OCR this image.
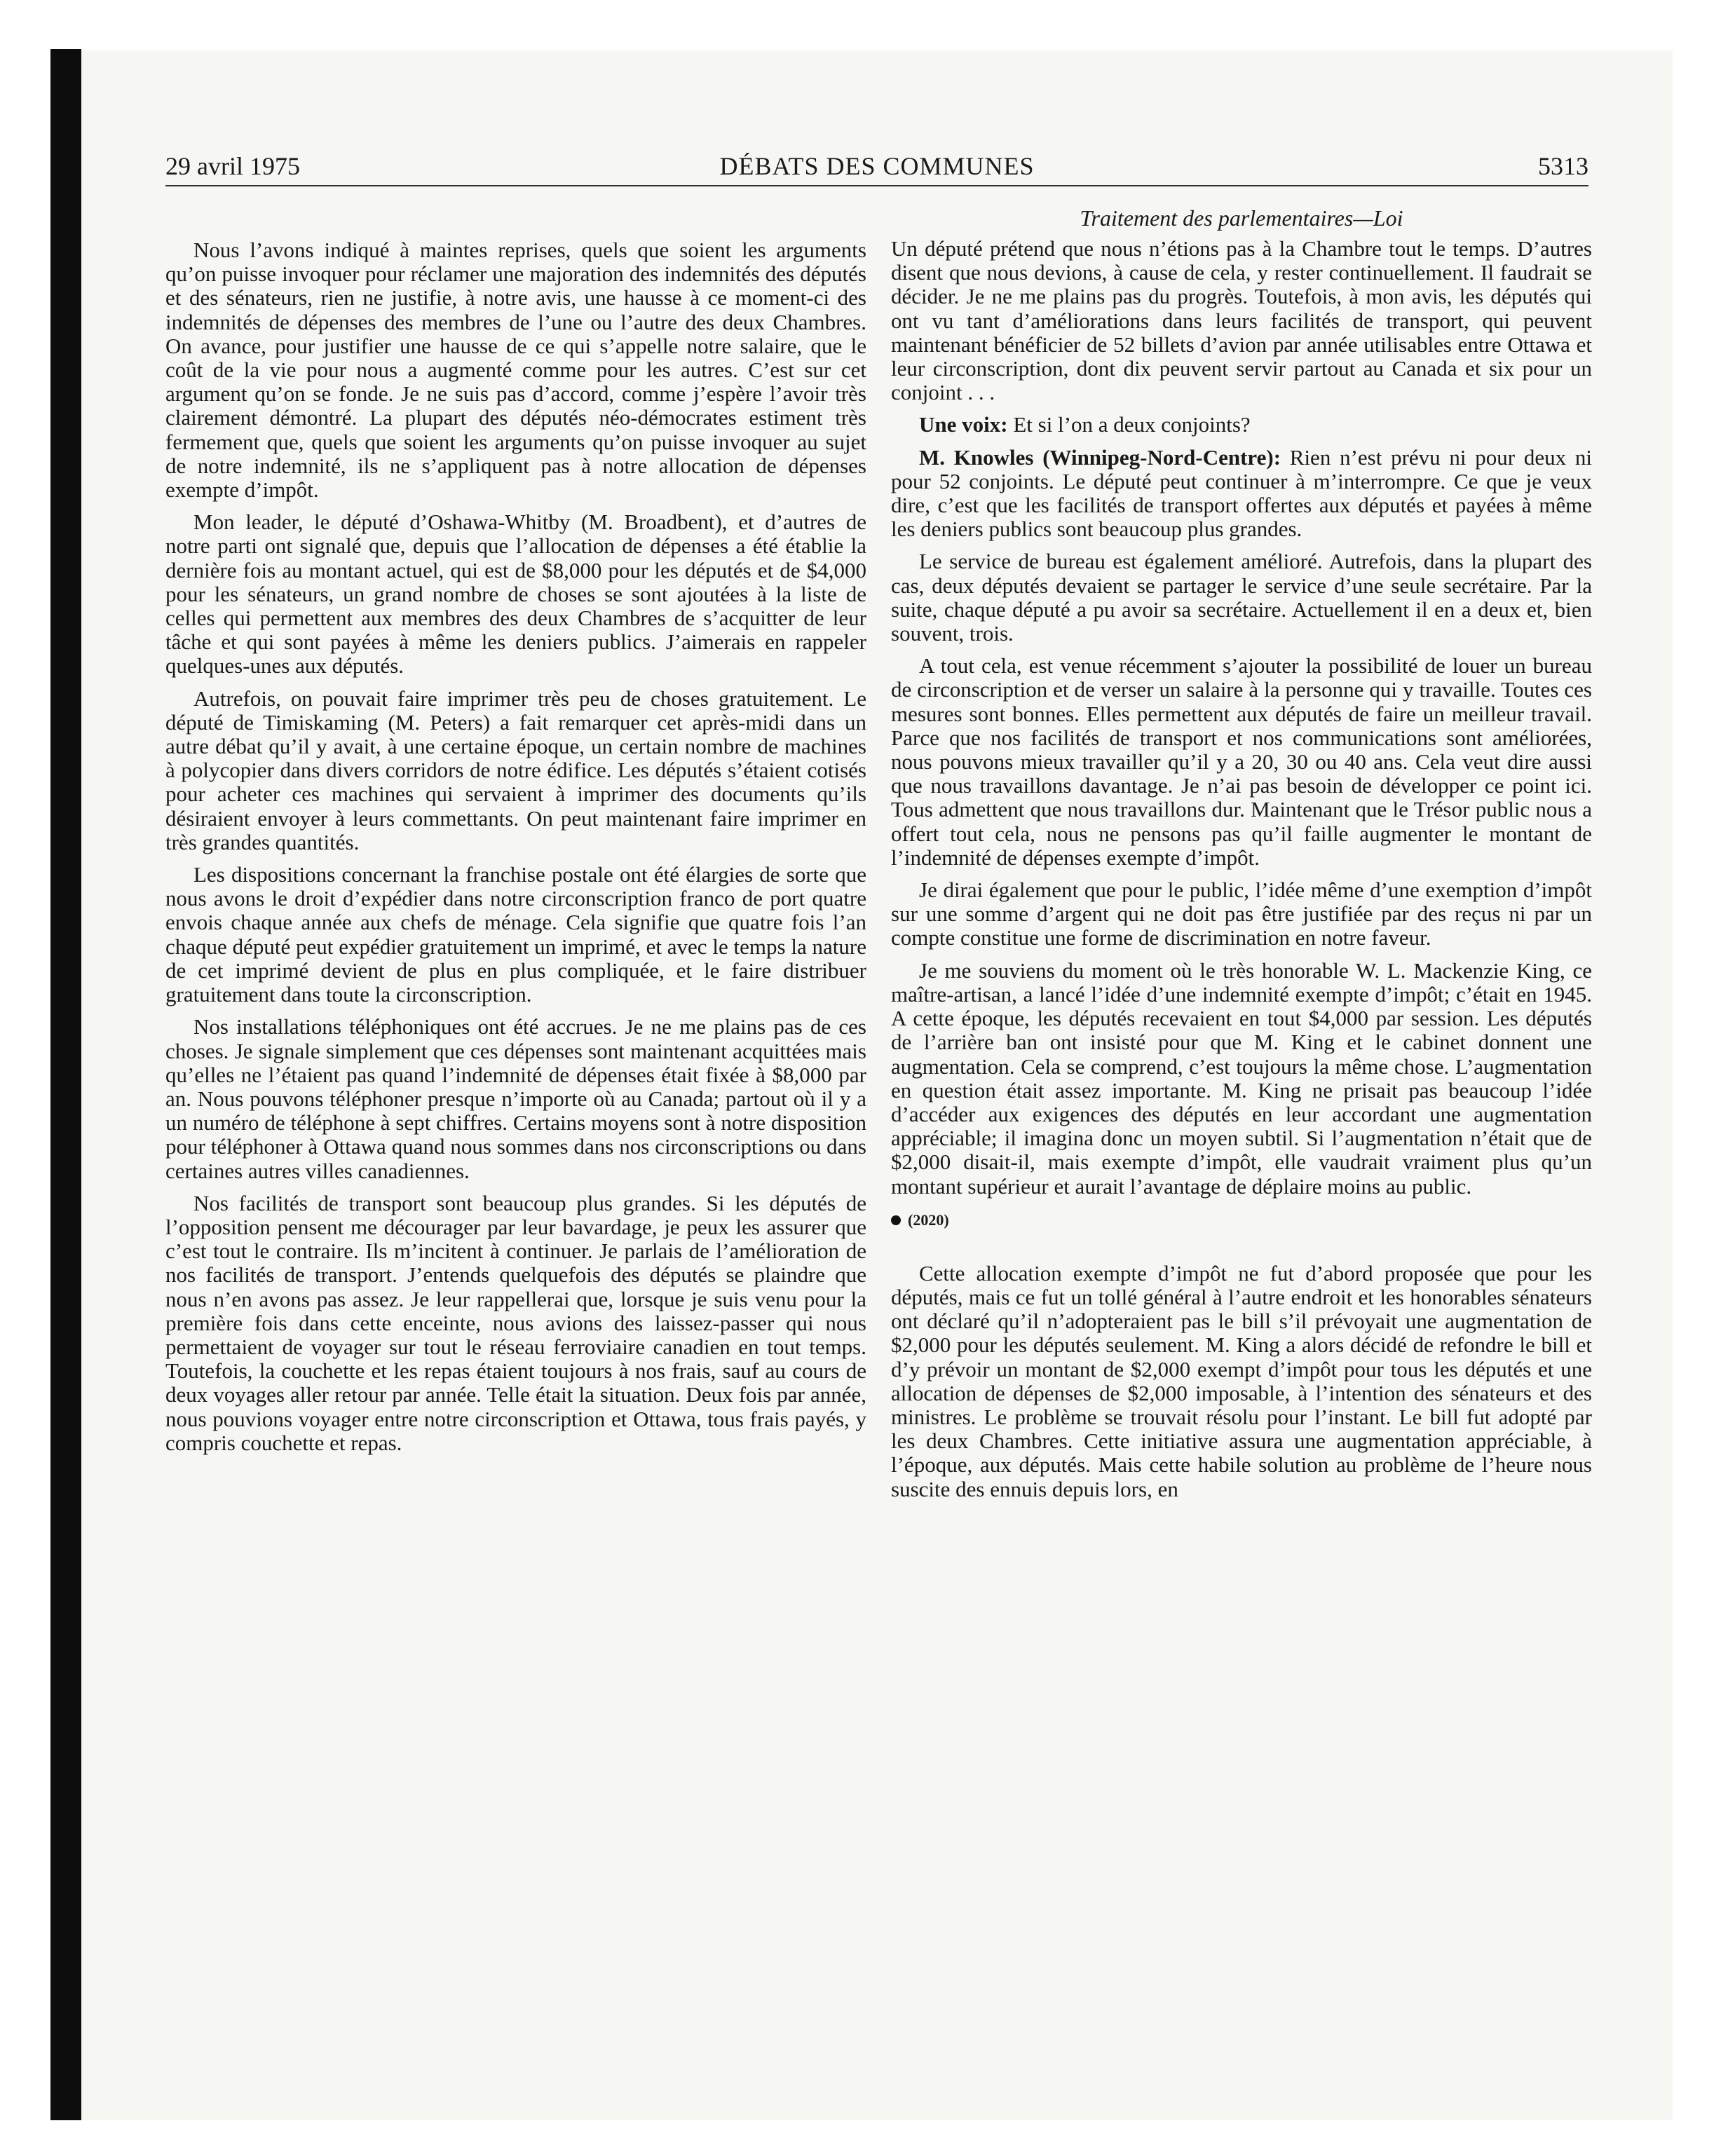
29 avril 1975	DÉBATS DES COMMUNES	5313

Nous l’avons indiqué à maintes reprises, quels que soient les arguments qu’on puisse invoquer pour réclamer une majoration des indemnités des députés et des sénateurs, rien ne justifie, à notre avis, une hausse à ce moment-ci des indemnités de dépenses des membres de l’une ou l’autre des deux Chambres. On avance, pour justifier une hausse de ce qui s’appelle notre salaire, que le coût de la vie pour nous a augmenté comme pour les autres. C’est sur cet argument qu’on se fonde. Je ne suis pas d’accord, comme j’espère l’avoir très clairement démontré. La plupart des députés néo-démocrates estiment très fermement que, quels que soient les arguments qu’on puisse invoquer au sujet de notre indemnité, ils ne s’appliquent pas à notre allocation de dépenses exempte d’impôt.

Mon leader, le député d’Oshawa-Whitby (M. Broadbent), et d’autres de notre parti ont signalé que, depuis que l’allocation de dépenses a été établie la dernière fois au montant actuel, qui est de $8,000 pour les députés et de $4,000 pour les sénateurs, un grand nombre de choses se sont ajoutées à la liste de celles qui permettent aux membres des deux Chambres de s’acquitter de leur tâche et qui sont payées à même les deniers publics. J’aimerais en rappeler quelques-unes aux députés.

Autrefois, on pouvait faire imprimer très peu de choses gratuitement. Le député de Timiskaming (M. Peters) a fait remarquer cet après-midi dans un autre débat qu’il y avait, à une certaine époque, un certain nombre de machines à polycopier dans divers corridors de notre édifice. Les députés s’étaient cotisés pour acheter ces machines qui servaient à imprimer des documents qu’ils désiraient envoyer à leurs commettants. On peut maintenant faire imprimer en très grandes quantités.

Les dispositions concernant la franchise postale ont été élargies de sorte que nous avons le droit d’expédier dans notre circonscription franco de port quatre envois chaque année aux chefs de ménage. Cela signifie que quatre fois l’an chaque député peut expédier gratuitement un imprimé, et avec le temps la nature de cet imprimé devient de plus en plus compliquée, et le faire distribuer gratuitement dans toute la circonscription.

Nos installations téléphoniques ont été accrues. Je ne me plains pas de ces choses. Je signale simplement que ces dépenses sont maintenant acquittées mais qu’elles ne l’étaient pas quand l’indemnité de dépenses était fixée à $8,000 par an. Nous pouvons téléphoner presque n’importe où au Canada; partout où il y a un numéro de téléphone à sept chiffres. Certains moyens sont à notre disposition pour téléphoner à Ottawa quand nous sommes dans nos circonscriptions ou dans certaines autres villes canadiennes.

Nos facilités de transport sont beaucoup plus grandes. Si les députés de l’opposition pensent me décourager par leur bavardage, je peux les assurer que c’est tout le contraire. Ils m’incitent à continuer. Je parlais de l’amélioration de nos facilités de transport. J’entends quelquefois des députés se plaindre que nous n’en avons pas assez. Je leur rappellerai que, lorsque je suis venu pour la première fois dans cette enceinte, nous avions des laissez-passer qui nous permettaient de voyager sur tout le réseau ferroviaire canadien en tout temps. Toutefois, la couchette et les repas étaient toujours à nos frais, sauf au cours de deux voyages aller retour par année. Telle était la situation. Deux fois par année, nous pouvions voyager entre notre circonscription et Ottawa, tous frais payés, y compris couchette et repas.

Traitement des parlementaires—Loi

Un député prétend que nous n’étions pas à la Chambre tout le temps. D’autres disent que nous devions, à cause de cela, y rester continuellement. Il faudrait se décider. Je ne me plains pas du progrès. Toutefois, à mon avis, les députés qui ont vu tant d’améliorations dans leurs facilités de transport, qui peuvent maintenant bénéficier de 52 billets d’avion par année utilisables entre Ottawa et leur circonscription, dont dix peuvent servir partout au Canada et six pour un conjoint . . .

Une voix: Et si l’on a deux conjoints?

M. Knowles (Winnipeg-Nord-Centre): Rien n’est prévu ni pour deux ni pour 52 conjoints. Le député peut continuer à m’interrompre. Ce que je veux dire, c’est que les facilités de transport offertes aux députés et payées à même les deniers publics sont beaucoup plus grandes.

Le service de bureau est également amélioré. Autrefois, dans la plupart des cas, deux députés devaient se partager le service d’une seule secrétaire. Par la suite, chaque député a pu avoir sa secrétaire. Actuellement il en a deux et, bien souvent, trois.

A tout cela, est venue récemment s’ajouter la possibilité de louer un bureau de circonscription et de verser un salaire à la personne qui y travaille. Toutes ces mesures sont bonnes. Elles permettent aux députés de faire un meilleur travail. Parce que nos facilités de transport et nos communications sont améliorées, nous pouvons mieux travailler qu’il y a 20, 30 ou 40 ans. Cela veut dire aussi que nous travaillons davantage. Je n’ai pas besoin de développer ce point ici. Tous admettent que nous travaillons dur. Maintenant que le Trésor public nous a offert tout cela, nous ne pensons pas qu’il faille augmenter le montant de l’indemnité de dépenses exempte d’impôt.

Je dirai également que pour le public, l’idée même d’une exemption d’impôt sur une somme d’argent qui ne doit pas être justifiée par des reçus ni par un compte constitue une forme de discrimination en notre faveur.

Je me souviens du moment où le très honorable W. L. Mackenzie King, ce maître-artisan, a lancé l’idée d’une indemnité exempte d’impôt; c’était en 1945. A cette époque, les députés recevaient en tout $4,000 par session. Les députés de l’arrière ban ont insisté pour que M. King et le cabinet donnent une augmentation. Cela se comprend, c’est toujours la même chose. L’augmentation en question était assez importante. M. King ne prisait pas beaucoup l’idée d’accéder aux exigences des députés en leur accordant une augmentation appréciable; il imagina donc un moyen subtil. Si l’augmentation n’était que de $2,000 disait-il, mais exempte d’impôt, elle vaudrait vraiment plus qu’un montant supérieur et aurait l’avantage de déplaire moins au public.

(2020)

Cette allocation exempte d’impôt ne fut d’abord proposée que pour les députés, mais ce fut un tollé général à l’autre endroit et les honorables sénateurs ont déclaré qu’il n’adopteraient pas le bill s’il prévoyait une augmentation de $2,000 pour les députés seulement. M. King a alors décidé de refondre le bill et d’y prévoir un montant de $2,000 exempt d’impôt pour tous les députés et une allocation de dépenses de $2,000 imposable, à l’intention des sénateurs et des ministres. Le problème se trouvait résolu pour l’instant. Le bill fut adopté par les deux Chambres. Cette initiative assura une augmentation appréciable, à l’époque, aux députés. Mais cette habile solution au problème de l’heure nous suscite des ennuis depuis lors, en
